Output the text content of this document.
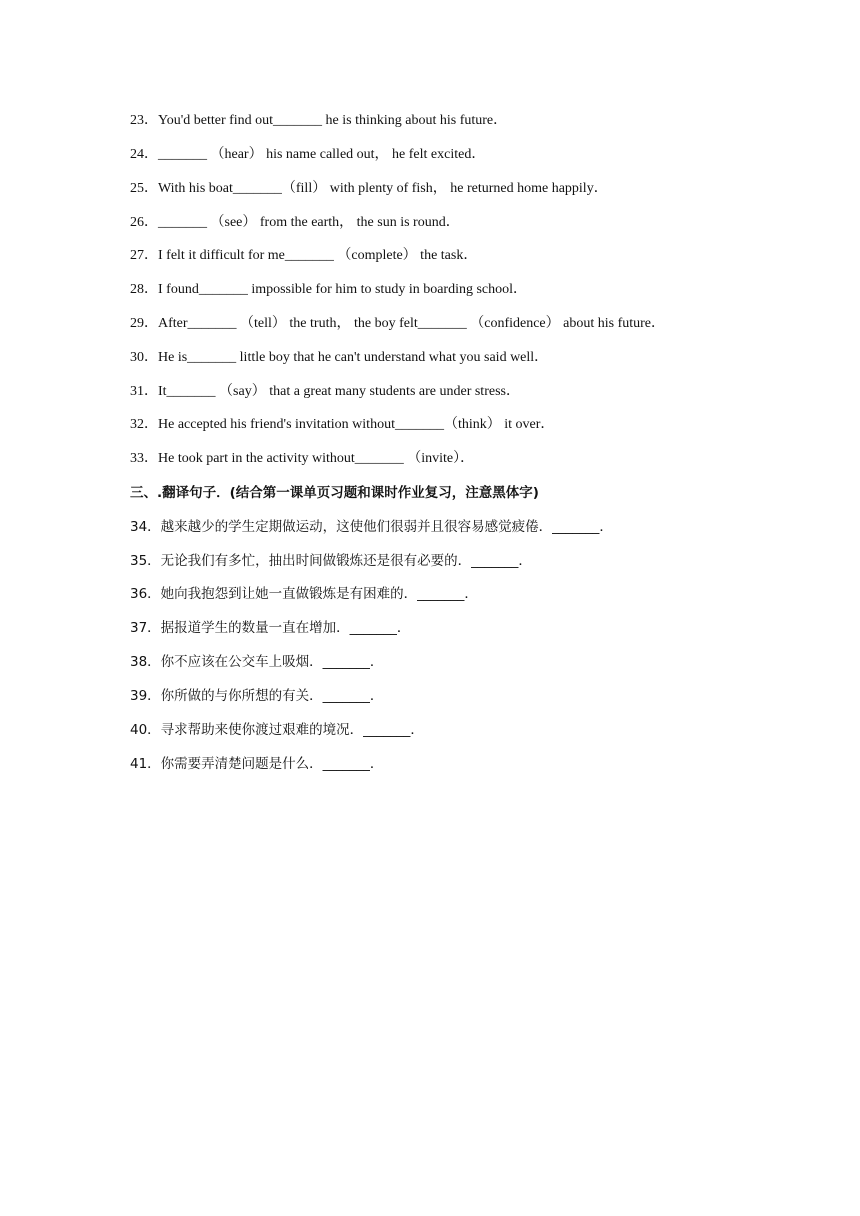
23．You'd better find out_______ he is thinking about his future．
24．_______ （hear） his name called out， he felt excited．
25．With his boat_______（fill） with plenty of fish， he returned home happily．
26．_______ （see） from the earth， the sun is round．
27．I felt it difficult for me_______ （complete） the task．
28．I found_______ impossible for him to study in boarding school．
29．After_______ （tell） the truth， the boy felt_______ （confidence） about his future．
30．He is_______ little boy that he can't understand what you said well．
31．It_______ （say） that a great many students are under stress．
32．He accepted his friend's invitation without_______（think） it over．
33．He took part in the activity without_______ （invite）．
三、.翻译句子．(结合第一课单页习题和课时作业复习，注意黑体字)
34．越来越少的学生定期做运动，这使他们很弱并且很容易感觉疲倦．_______．
35．无论我们有多忙，抽出时间做锻炼还是很有必要的．_______．
36．她向我抱怨到让她一直做锻炼是有困难的．_______．
37．据报道学生的数量一直在增加．_______．
38．你不应该在公交车上吸烟．_______．
39．你所做的与你所想的有关．_______．
40．寻求帮助来使你渡过艰难的境况．_______．
41．你需要弄清楚问题是什么．_______．
